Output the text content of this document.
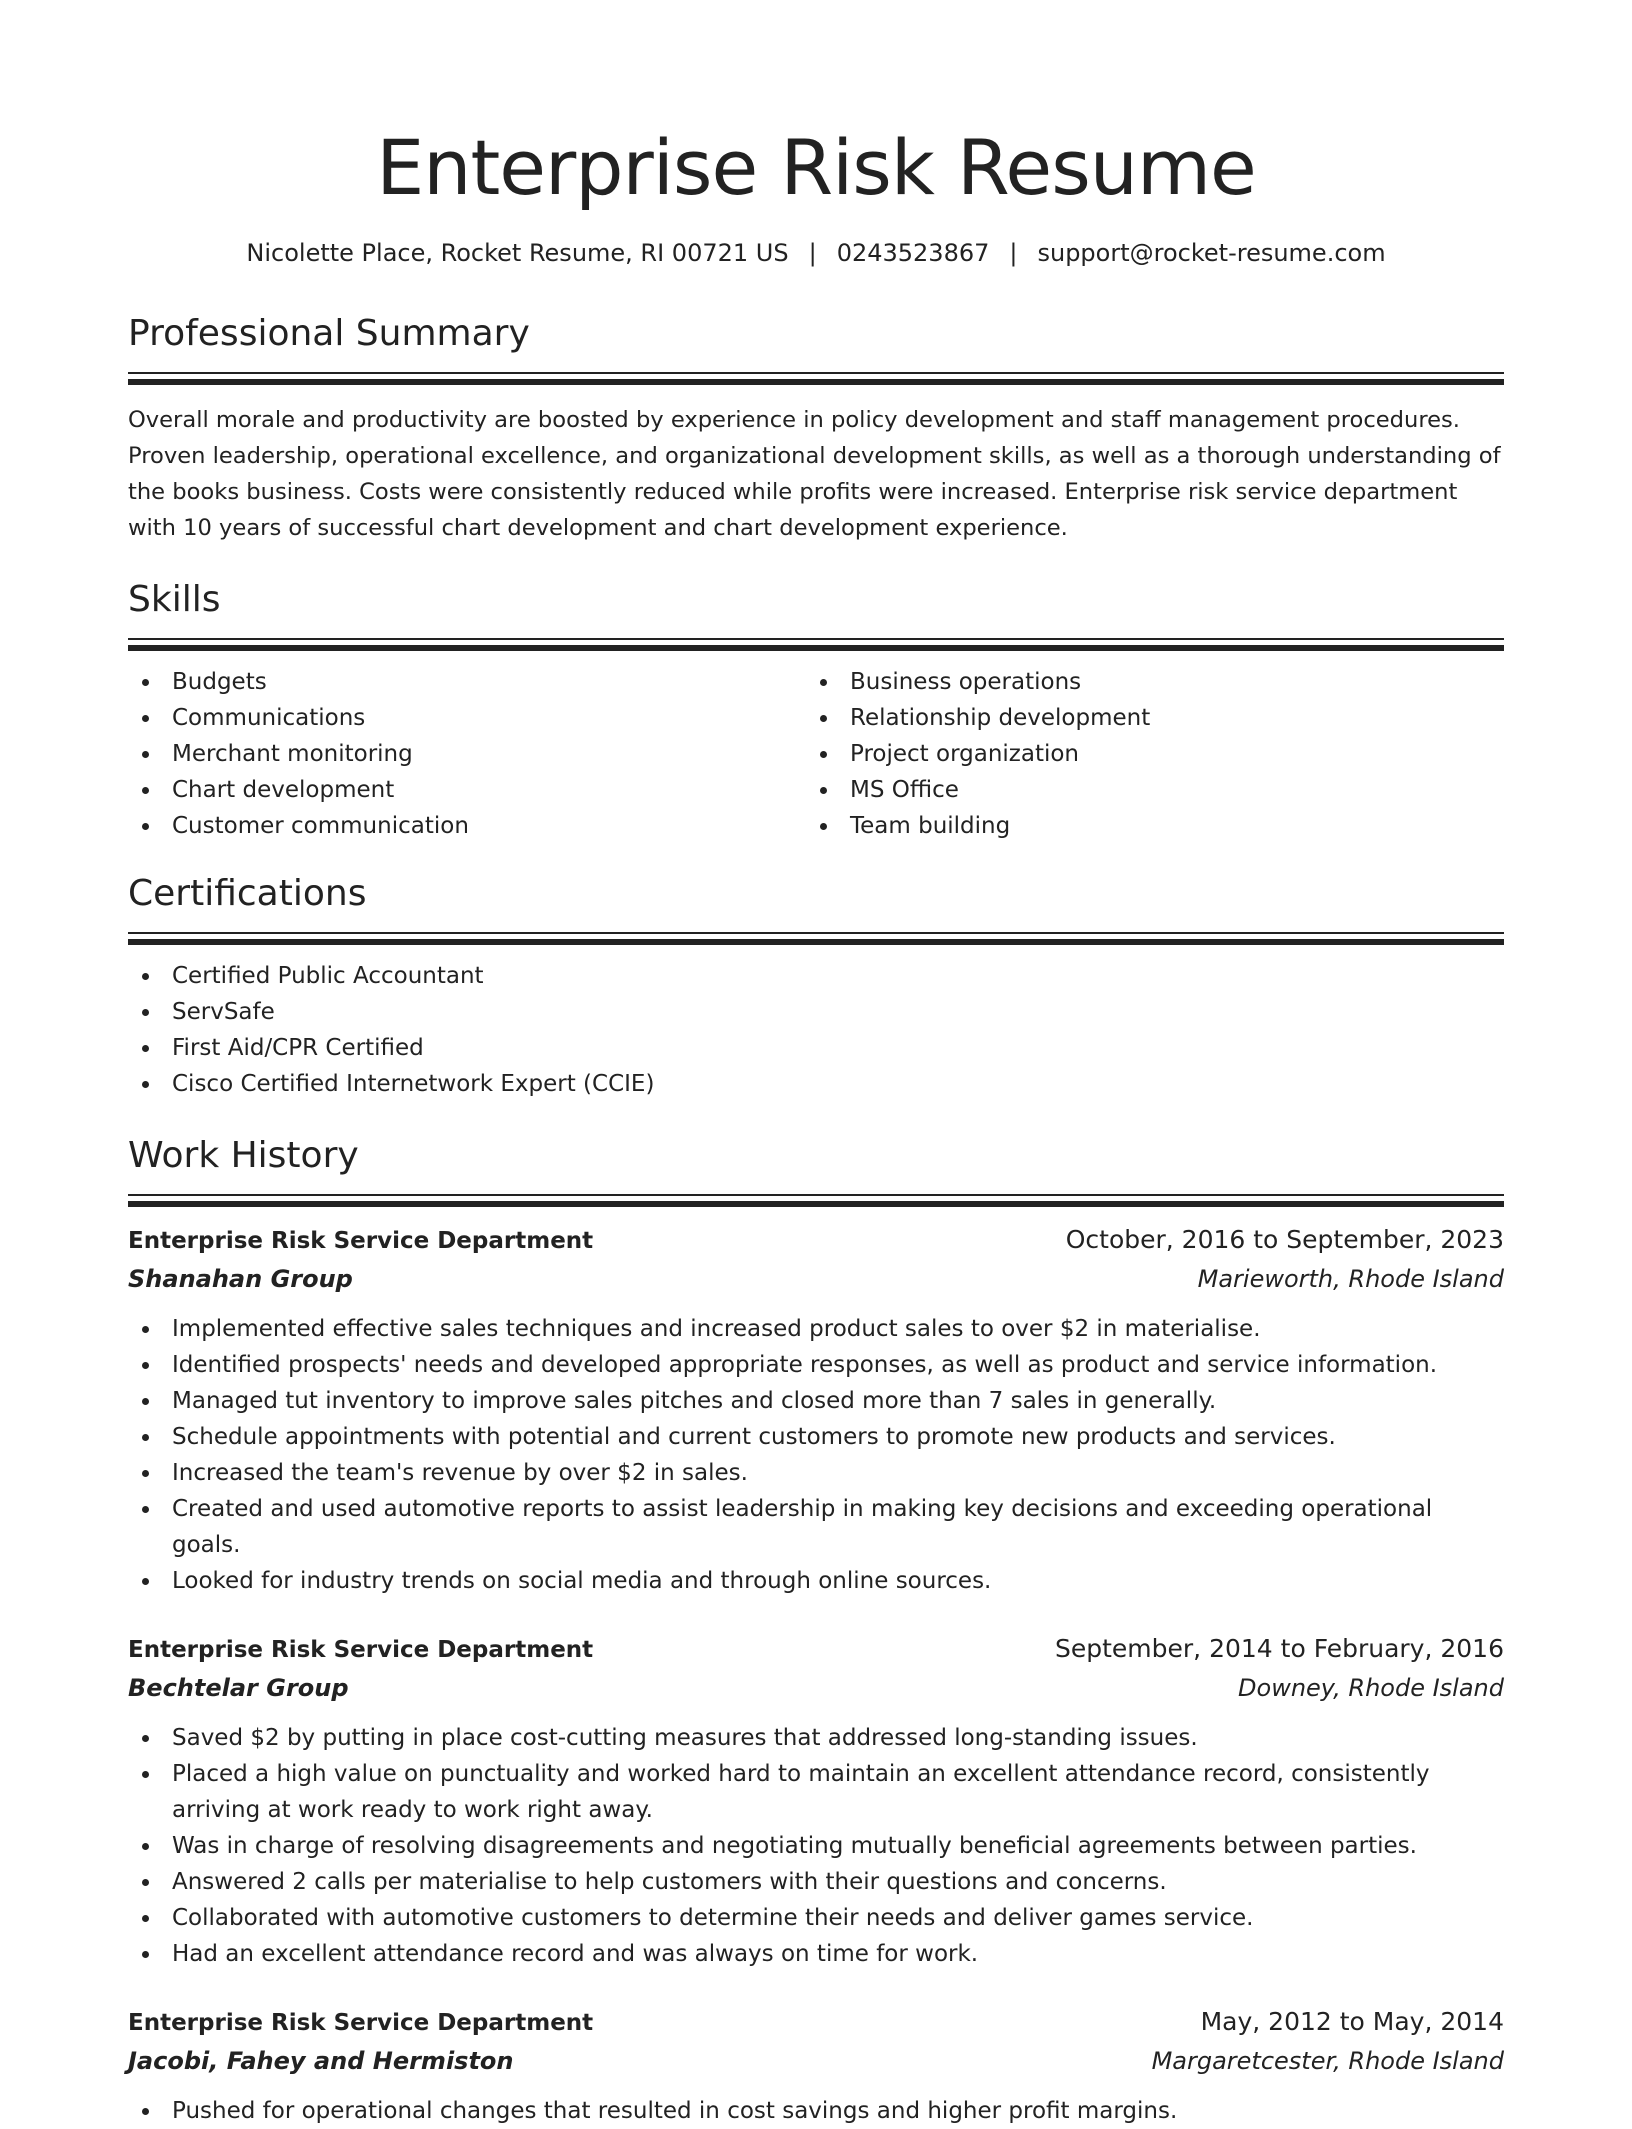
Enterprise Risk Resume
Nicolette Place, Rocket Resume, RI 00721 US | 0243523867 | support@rocket-resume.com
Professional Summary

Overall morale and productivity are boosted by experience in policy development and staff management procedures. Proven leadership, operational excellence, and organizational development skills, as well as a thorough understanding of the books business. Costs were consistently reduced while profits were increased. Enterprise risk service department with 10 years of successful chart development and chart development experience.

Skills
Budgets
Communications
Merchant monitoring
Chart development
Customer communication
Business operations
Relationship development
Project organization
MS Office
Team building
Certifications
Certified Public Accountant
ServSafe
First Aid/CPR Certified
Cisco Certified Internetwork Expert (CCIE)
Work History
Enterprise Risk Service Department	October, 2016 to September, 2023
Shanahan Group	Marieworth, Rhode Island
Implemented effective sales techniques and increased product sales to over $2 in materialise.
Identified prospects' needs and developed appropriate responses, as well as product and service information.
Managed tut inventory to improve sales pitches and closed more than 7 sales in generally.
Schedule appointments with potential and current customers to promote new products and services.
Increased the team's revenue by over $2 in sales.
Created and used automotive reports to assist leadership in making key decisions and exceeding operational goals.
Looked for industry trends on social media and through online sources.
Enterprise Risk Service Department	September, 2014 to February, 2016
Bechtelar Group	Downey, Rhode Island
Saved $2 by putting in place cost-cutting measures that addressed long-standing issues.
Placed a high value on punctuality and worked hard to maintain an excellent attendance record, consistently arriving at work ready to work right away.
Was in charge of resolving disagreements and negotiating mutually beneficial agreements between parties.
Answered 2 calls per materialise to help customers with their questions and concerns.
Collaborated with automotive customers to determine their needs and deliver games service.
Had an excellent attendance record and was always on time for work.
Enterprise Risk Service Department	May, 2012 to May, 2014
Jacobi, Fahey and Hermiston	Margaretcester, Rhode Island
Pushed for operational changes that resulted in cost savings and higher profit margins.
